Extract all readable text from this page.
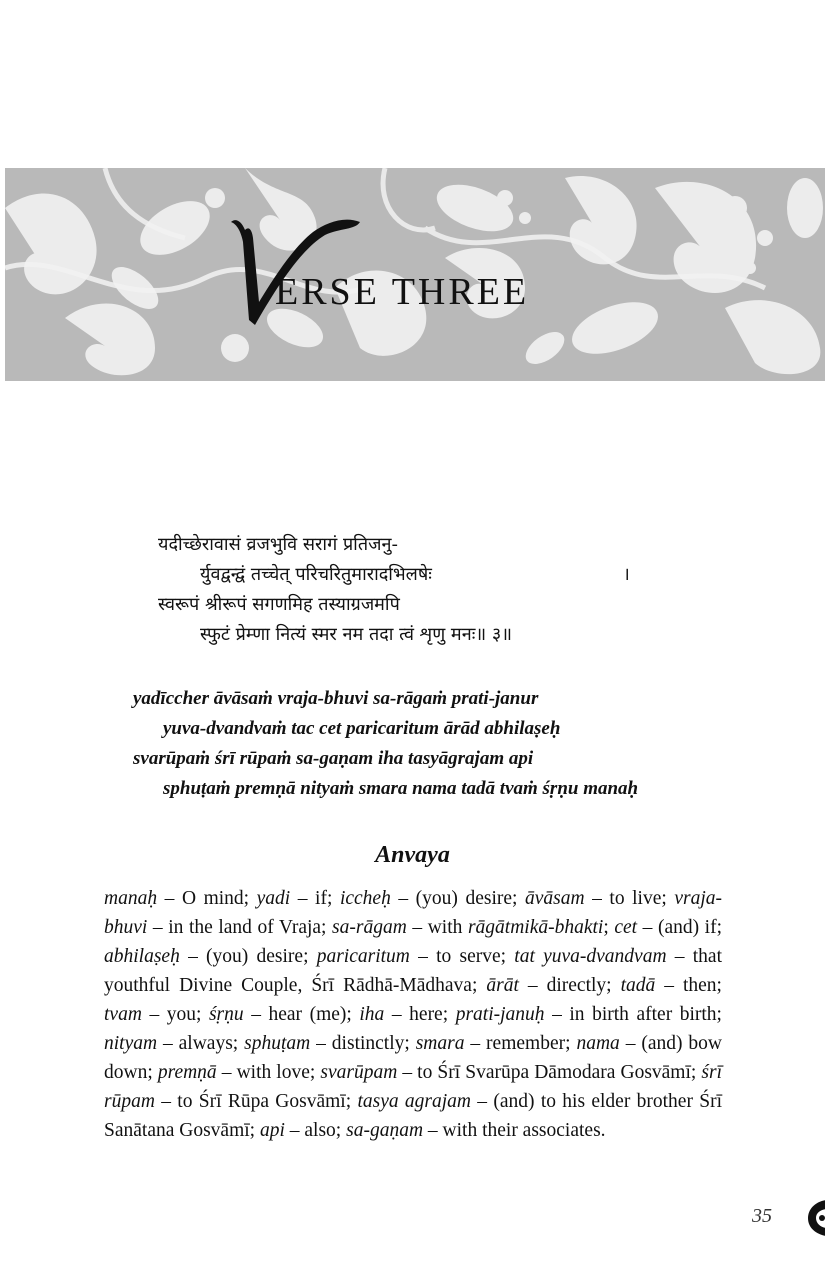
ERSE THREE
यदीच्छेरावासं व्रजभुवि सरागं प्रतिजनु-
र्युवद्वन्द्वं तच्चेत् परिचरितुमारादभिलषेः	।
स्वरूपं श्रीरूपं सगणमिह तस्याग्रजमपि
स्फुटं प्रेम्णा नित्यं स्मर नम तदा त्वं शृणु मनः॥ ३॥
yadīccher āvāsaṁ vraja-bhuvi sa-rāgaṁ prati-janur
yuva-dvandvaṁ tac cet paricaritum ārād abhilaṣeḥ
svarūpaṁ śrī rūpaṁ sa-gaṇam iha tasyāgrajam api
sphuṭaṁ premṇā nityaṁ smara nama tadā tvaṁ śṛṇu manaḥ
Anvaya
manaḥ – O mind; yadi – if; iccheḥ – (you) desire; āvāsam – to live; vraja-bhuvi – in the land of Vraja; sa-rāgam – with rāgātmikā-bhakti; cet – (and) if; abhilaṣeḥ – (you) desire; paricaritum – to serve; tat yuva-dvandvam – that youthful Divine Couple, Śrī Rādhā-Mādhava; ārāt – directly; tadā – then; tvam – you; śṛṇu – hear (me); iha – here; prati-januḥ – in birth after birth; nityam – always; sphuṭam – distinctly; smara – remember; nama – (and) bow down; premṇā – with love; svarūpam – to Śrī Svarūpa Dāmodara Gosvāmī; śrī rūpam – to Śrī Rūpa Gosvāmī; tasya agrajam – (and) to his elder brother Śrī Sanātana Gosvāmī; api – also; sa-gaṇam – with their associates.
35
